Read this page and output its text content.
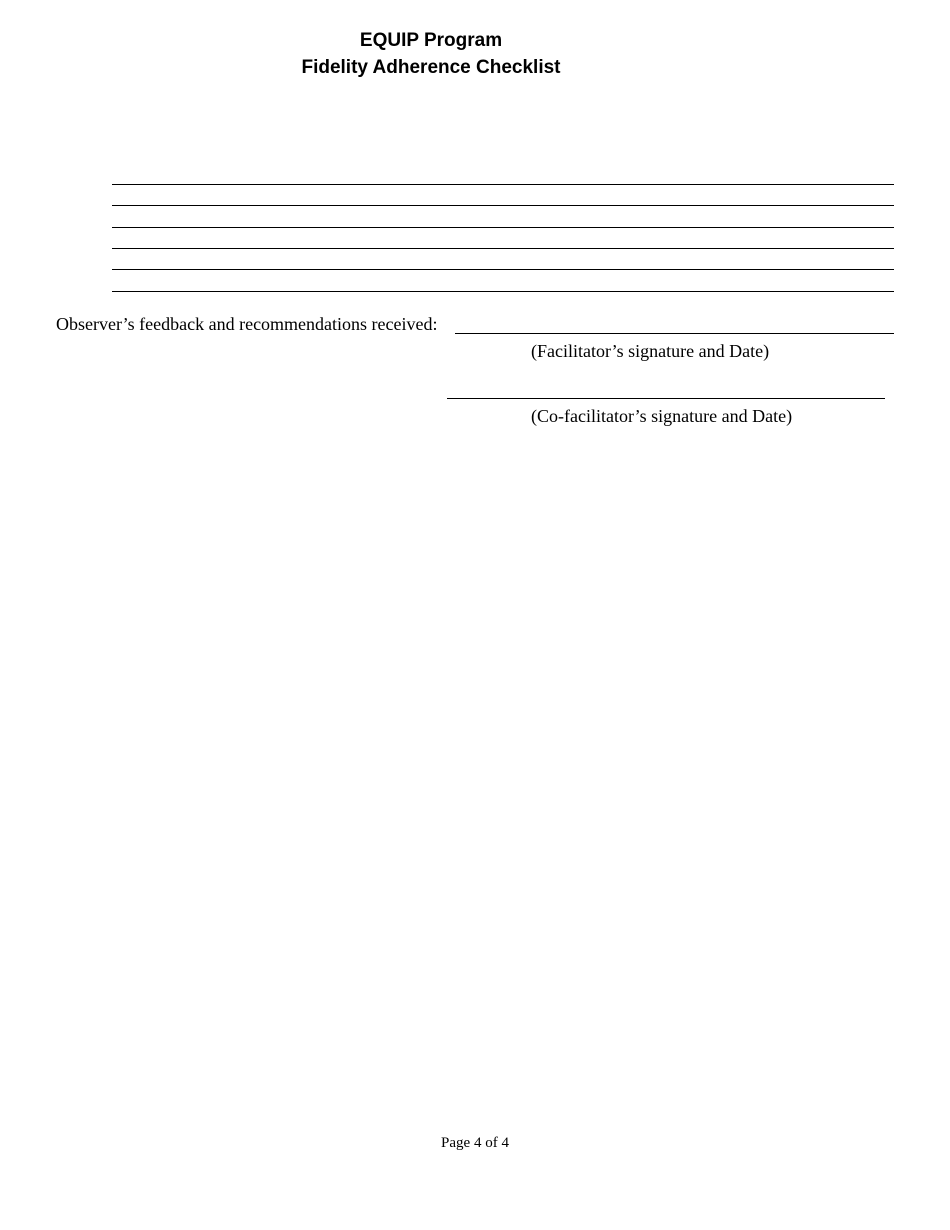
EQUIP Program
Fidelity Adherence Checklist
Observer’s feedback and recommendations received:
(Facilitator’s signature and Date)
(Co-facilitator’s signature and Date)
Page 4 of 4
